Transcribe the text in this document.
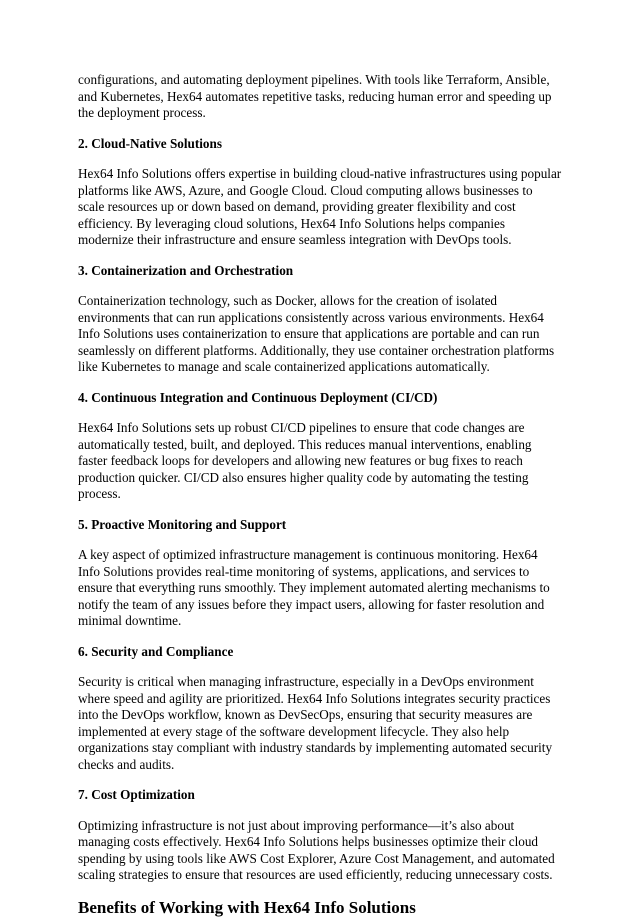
configurations, and automating deployment pipelines. With tools like Terraform, Ansible, and Kubernetes, Hex64 automates repetitive tasks, reducing human error and speeding up the deployment process.

2. Cloud-Native Solutions

Hex64 Info Solutions offers expertise in building cloud-native infrastructures using popular platforms like AWS, Azure, and Google Cloud. Cloud computing allows businesses to scale resources up or down based on demand, providing greater flexibility and cost efficiency. By leveraging cloud solutions, Hex64 Info Solutions helps companies modernize their infrastructure and ensure seamless integration with DevOps tools.

3. Containerization and Orchestration

Containerization technology, such as Docker, allows for the creation of isolated environments that can run applications consistently across various environments. Hex64 Info Solutions uses containerization to ensure that applications are portable and can run seamlessly on different platforms. Additionally, they use container orchestration platforms like Kubernetes to manage and scale containerized applications automatically.

4. Continuous Integration and Continuous Deployment (CI/CD)

Hex64 Info Solutions sets up robust CI/CD pipelines to ensure that code changes are automatically tested, built, and deployed. This reduces manual interventions, enabling faster feedback loops for developers and allowing new features or bug fixes to reach production quicker. CI/CD also ensures higher quality code by automating the testing process.

5. Proactive Monitoring and Support

A key aspect of optimized infrastructure management is continuous monitoring. Hex64 Info Solutions provides real-time monitoring of systems, applications, and services to ensure that everything runs smoothly. They implement automated alerting mechanisms to notify the team of any issues before they impact users, allowing for faster resolution and minimal downtime.

6. Security and Compliance

Security is critical when managing infrastructure, especially in a DevOps environment where speed and agility are prioritized. Hex64 Info Solutions integrates security practices into the DevOps workflow, known as DevSecOps, ensuring that security measures are implemented at every stage of the software development lifecycle. They also help organizations stay compliant with industry standards by implementing automated security checks and audits.

7. Cost Optimization

Optimizing infrastructure is not just about improving performance—it’s also about managing costs effectively. Hex64 Info Solutions helps businesses optimize their cloud spending by using tools like AWS Cost Explorer, Azure Cost Management, and automated scaling strategies to ensure that resources are used efficiently, reducing unnecessary costs.

Benefits of Working with Hex64 Info Solutions
